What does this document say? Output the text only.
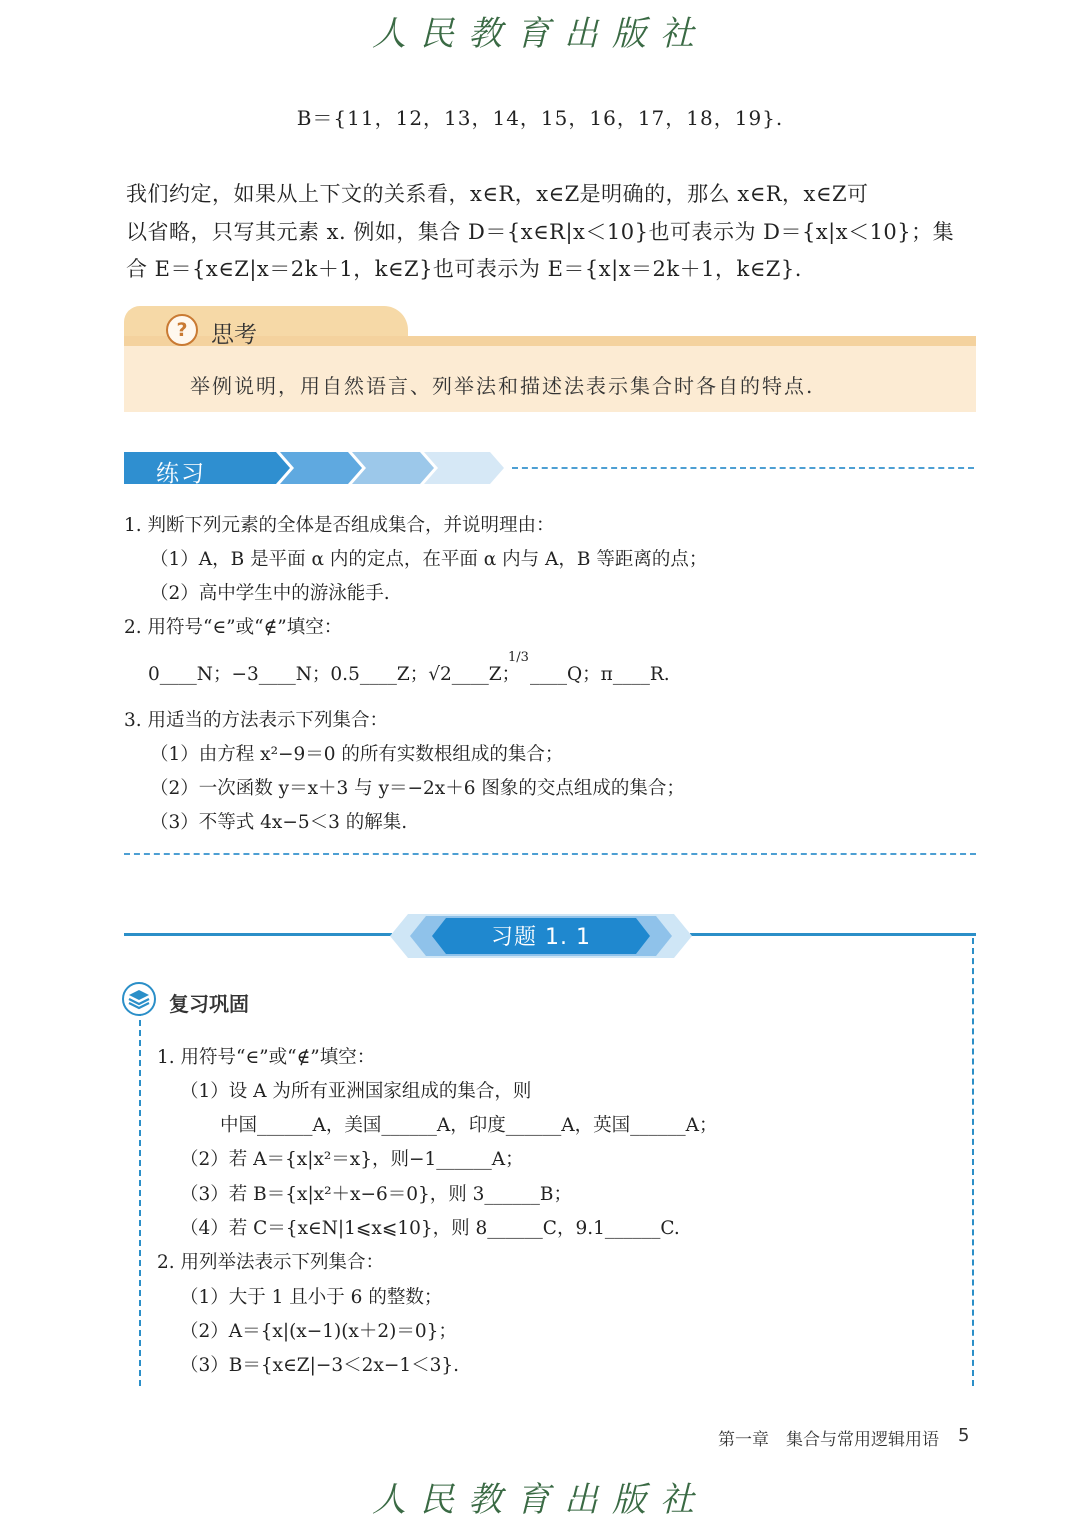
人民教育出版社
B＝{11，12，13，14，15，16，17，18，19}.
我们约定，如果从上下文的关系看，x∈R，x∈Z是明确的，那么 x∈R，x∈Z可
以省略，只写其元素 x. 例如，集合 D＝{x∈R|x＜10}也可表示为 D＝{x|x＜10}；集
合 E＝{x∈Z|x＝2k＋1，k∈Z}也可表示为 E＝{x|x＝2k＋1，k∈Z}.
?	思考
举例说明，用自然语言、列举法和描述法表示集合时各自的特点.
练习
1. 判断下列元素的全体是否组成集合，并说明理由：
（1）A，B 是平面 α 内的定点，在平面 α 内与 A，B 等距离的点；
（2）高中学生中的游泳能手.
2. 用符号“∈”或“∉”填空：
0____N；−3____N；0.5____Z；√2____Z；
1/3
____Q；π____R.
3. 用适当的方法表示下列集合：
（1）由方程 x²−9＝0 的所有实数根组成的集合；
（2）一次函数 y＝x＋3 与 y＝−2x＋6 图象的交点组成的集合；
（3）不等式 4x−5＜3 的解集.
习题 1. 1
复习巩固
1. 用符号“∈”或“∉”填空：
（1）设 A 为所有亚洲国家组成的集合，则
中国______A，美国______A，印度______A，英国______A；
（2）若 A＝{x|x²＝x}，则−1______A；
（3）若 B＝{x|x²＋x−6＝0}，则 3______B；
（4）若 C＝{x∈N|1⩽x⩽10}，则 8______C，9.1______C.
2. 用列举法表示下列集合：
（1）大于 1 且小于 6 的整数；
（2）A＝{x|(x−1)(x＋2)＝0}；
（3）B＝{x∈Z|−3＜2x−1＜3}.
第一章　集合与常用逻辑用语 5
人民教育出版社
